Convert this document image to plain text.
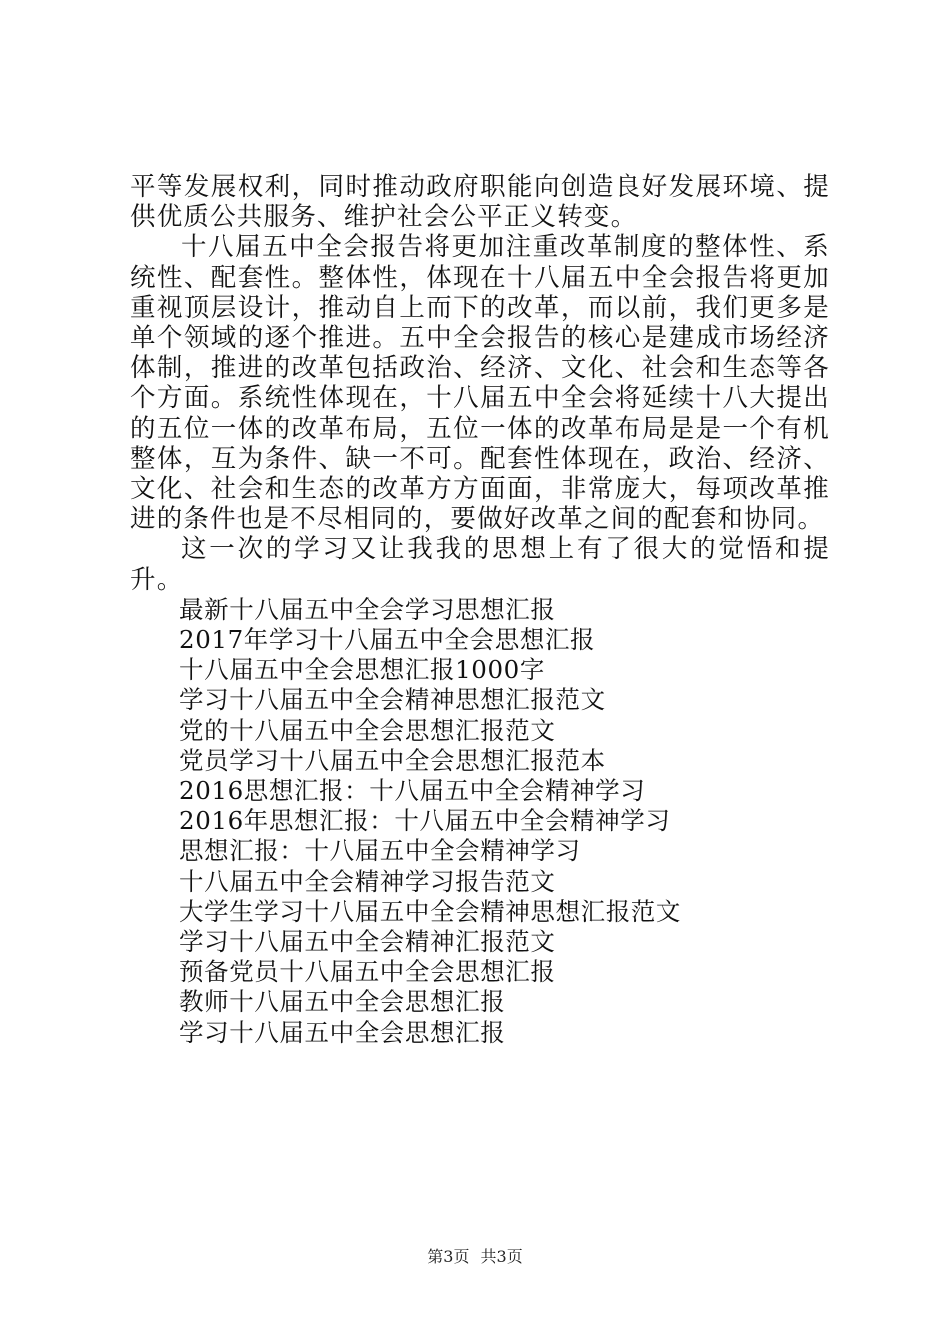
平等发展权利，同时推动政府职能向创造良好发展环境、提供优质公共服务、维护社会公平正义转变。

十八届五中全会报告将更加注重改革制度的整体性、系统性、配套性。整体性，体现在十八届五中全会报告将更加重视顶层设计，推动自上而下的改革，而以前，我们更多是单个领域的逐个推进。五中全会报告的核心是建成市场经济体制，推进的改革包括政治、经济、文化、社会和生态等各个方面。系统性体现在，十八届五中全会将延续十八大提出的五位一体的改革布局，五位一体的改革布局是是一个有机整体，互为条件、缺一不可。配套性体现在，政治、经济、文化、社会和生态的改革方方面面，非常庞大，每项改革推进的条件也是不尽相同的，要做好改革之间的配套和协同。

这一次的学习又让我我的思想上有了很大的觉悟和提升。

最新十八届五中全会学习思想汇报
2017年学习十八届五中全会思想汇报
十八届五中全会思想汇报1000字
学习十八届五中全会精神思想汇报范文
党的十八届五中全会思想汇报范文
党员学习十八届五中全会思想汇报范本
2016思想汇报：十八届五中全会精神学习
2016年思想汇报：十八届五中全会精神学习
思想汇报：十八届五中全会精神学习
十八届五中全会精神学习报告范文
大学生学习十八届五中全会精神思想汇报范文
学习十八届五中全会精神汇报范文
预备党员十八届五中全会思想汇报
教师十八届五中全会思想汇报
学习十八届五中全会思想汇报
第3页 共3页
